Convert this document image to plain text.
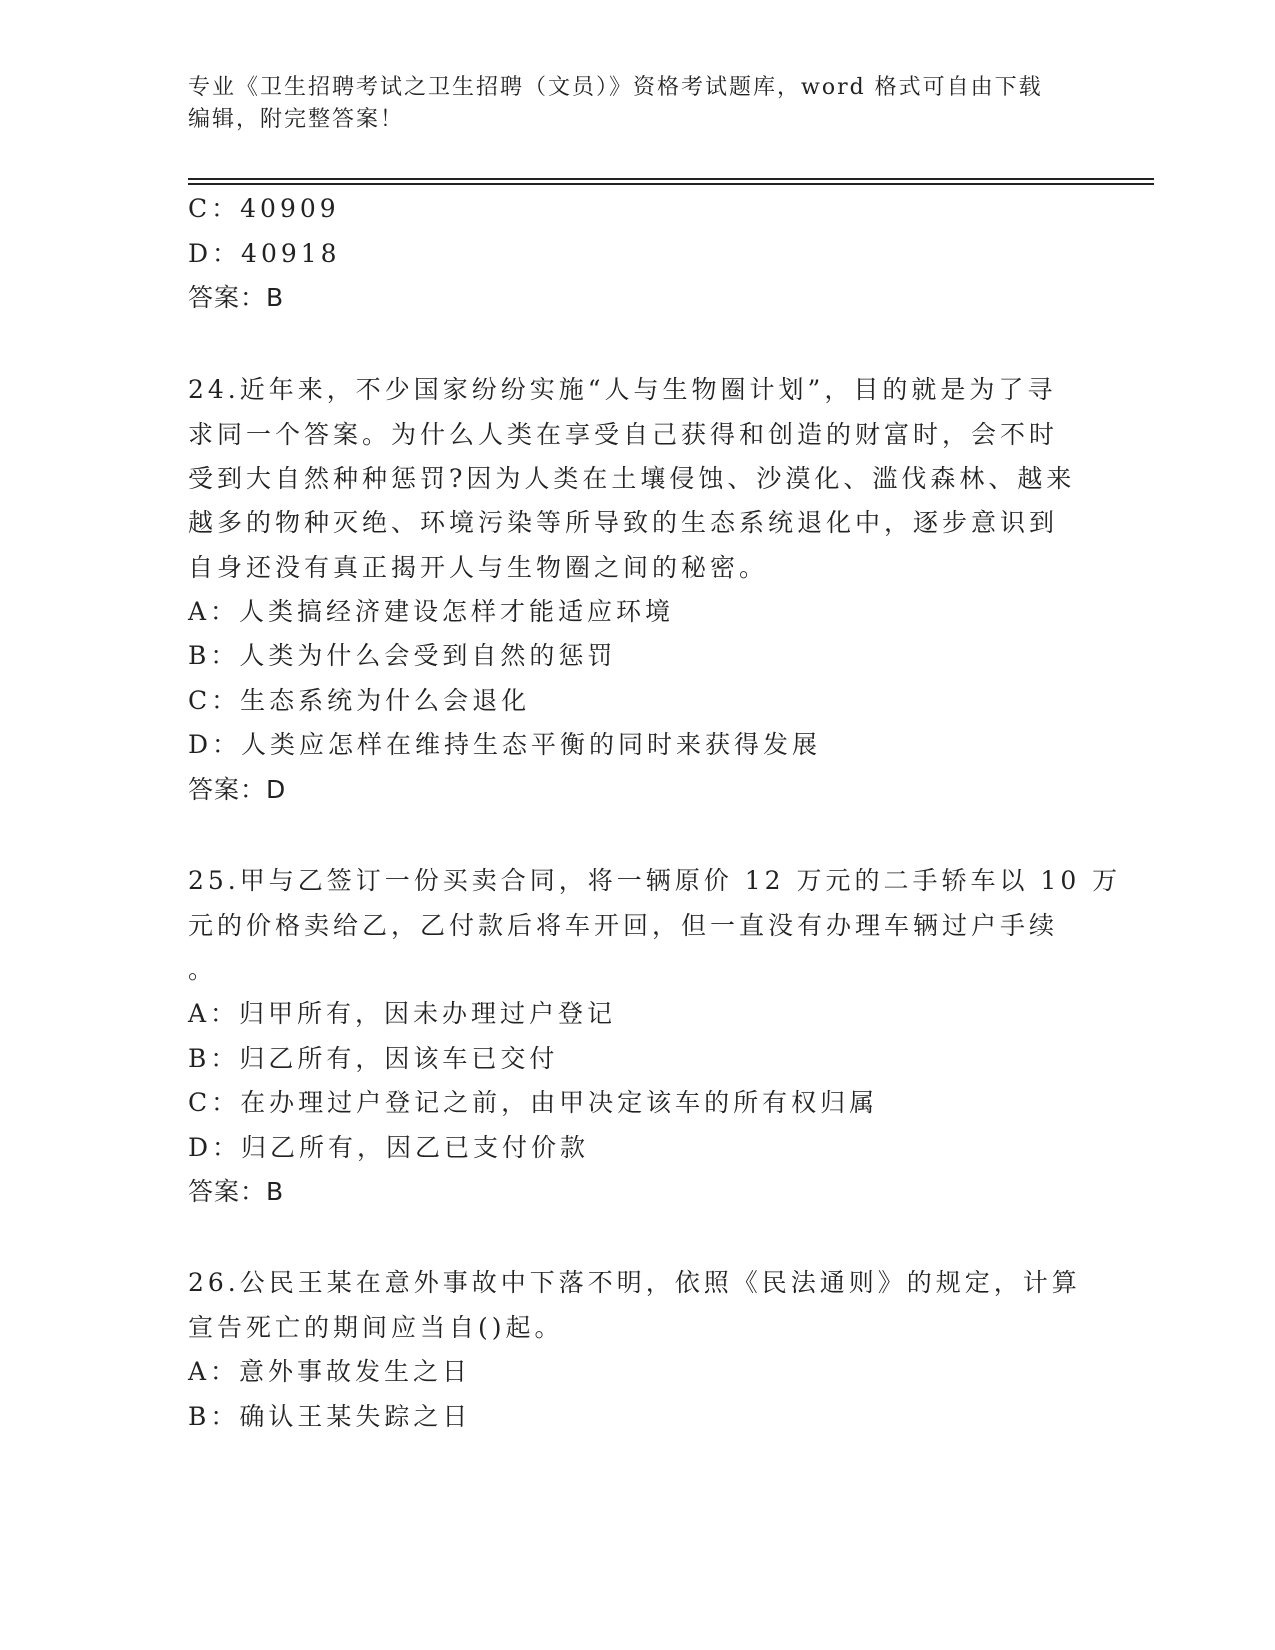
专业《卫生招聘考试之卫生招聘（文员）》资格考试题库，word 格式可自由下载
编辑，附完整答案！
C：40909
D：40918
答案：B
24.近年来，不少国家纷纷实施“人与生物圈计划”，目的就是为了寻
求同一个答案。为什么人类在享受自己获得和创造的财富时，会不时
受到大自然种种惩罚?因为人类在土壤侵蚀、沙漠化、滥伐森林、越来
越多的物种灭绝、环境污染等所导致的生态系统退化中，逐步意识到
自身还没有真正揭开人与生物圈之间的秘密。
A：人类搞经济建设怎样才能适应环境
B：人类为什么会受到自然的惩罚
C：生态系统为什么会退化
D：人类应怎样在维持生态平衡的同时来获得发展
答案：D
25.甲与乙签订一份买卖合同，将一辆原价 12 万元的二手轿车以 10 万
元的价格卖给乙，乙付款后将车开回，但一直没有办理车辆过户手续
。
A：归甲所有，因未办理过户登记
B：归乙所有，因该车已交付
C：在办理过户登记之前，由甲决定该车的所有权归属
D：归乙所有，因乙已支付价款
答案：B
26.公民王某在意外事故中下落不明，依照《民法通则》的规定，计算
宣告死亡的期间应当自()起。
A：意外事故发生之日
B：确认王某失踪之日
